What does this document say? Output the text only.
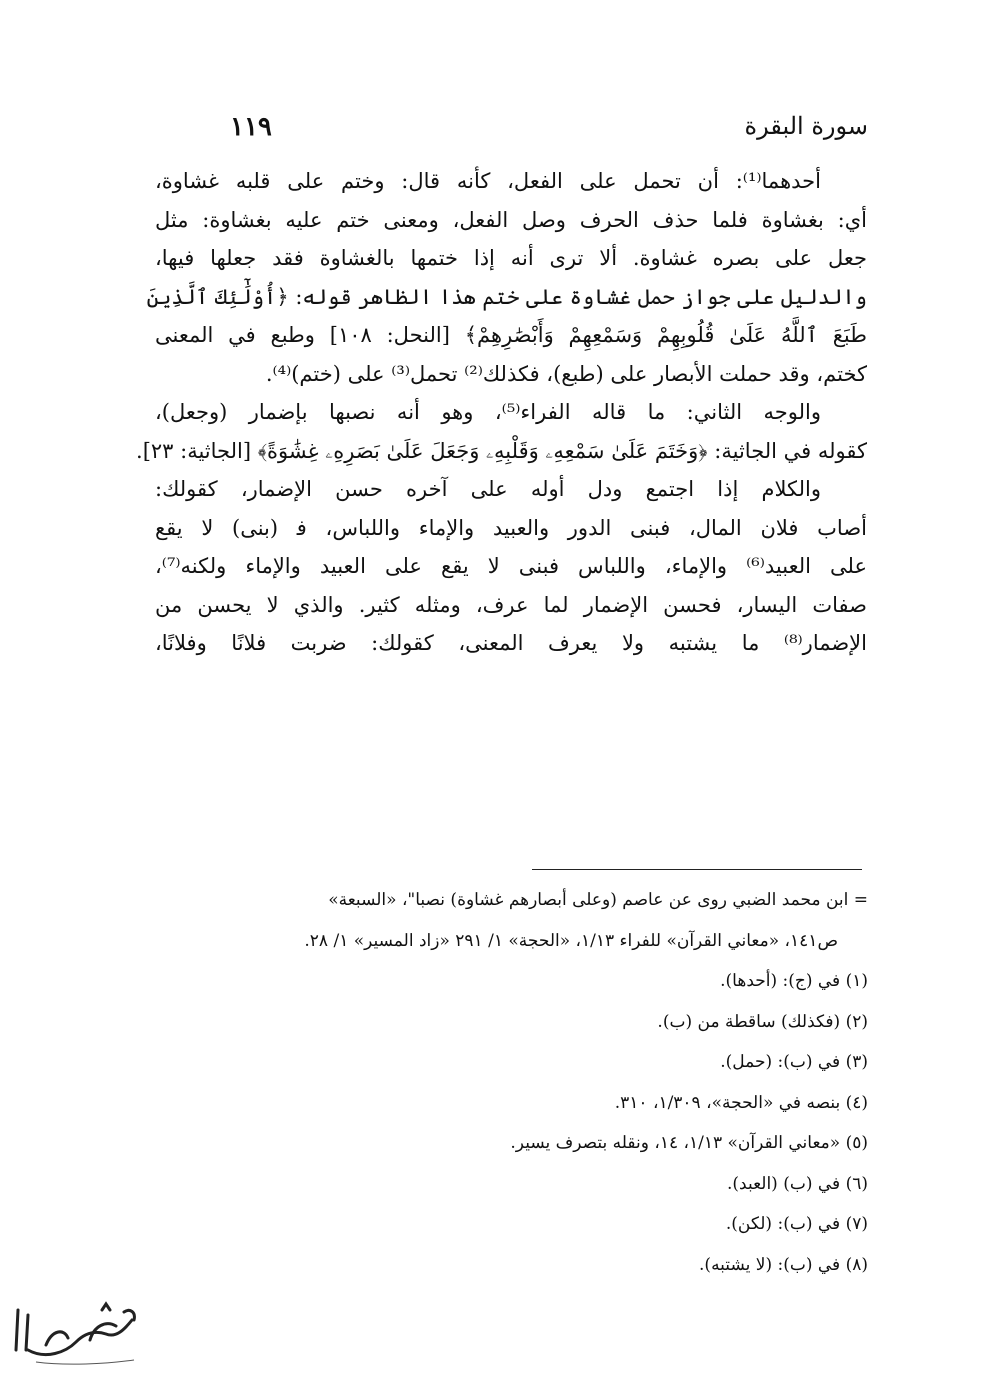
سورة البقرة
١١٩
أحدهما⁽¹⁾: أن تحمل على الفعل، كأنه قال: وختم على قلبه غشاوة،
أي: بغشاوة فلما حذف الحرف وصل الفعل، ومعنى ختم عليه بغشاوة: مثل
جعل على بصره غشاوة. ألا ترى أنه إذا ختمها بالغشاوة فقد جعلها فيها،
والدليل على جواز حمل غشاوة على ختم هذا الظاهر قوله: ﴿أُوْلَٰٓئِكَ ٱلَّذِينَ
طَبَعَ ٱللَّهُ عَلَىٰ قُلُوبِهِمْ وَسَمْعِهِمْ وَأَبْصَٰرِهِمْ﴾ [النحل: ١٠٨] وطبع في المعنى
كختم، وقد حملت الأبصار على (طبع)، فكذلك⁽²⁾ تحمل⁽³⁾ على (ختم)⁽⁴⁾.
والوجه الثاني: ما قاله الفراء⁽⁵⁾، وهو أنه نصبها بإضمار (وجعل)،
كقوله في الجاثية: ﴿وَخَتَمَ عَلَىٰ سَمْعِهِۦ وَقَلْبِهِۦ وَجَعَلَ عَلَىٰ بَصَرِهِۦ غِشَٰوَةً﴾ [الجاثية: ٢٣].
والكلام إذا اجتمع ودل أوله على آخره حسن الإضمار، كقولك:
أصاب فلان المال، فبنى الدور والعبيد والإماء واللباس، ف‍ (بنى) لا يقع
على العبيد⁽⁶⁾ والإماء، واللباس فبنى لا يقع على العبيد والإماء ولكنه⁽⁷⁾،
صفات اليسار، فحسن الإضمار لما عرف، ومثله كثير. والذي لا يحسن من
الإضمار⁽⁸⁾ ما يشتبه ولا يعرف المعنى، كقولك: ضربت فلانًا وفلانًا،
= ابن محمد الضبي روى عن عاصم (وعلى أبصارهم غشاوة) نصبا"، «السبعة»
ص١٤١، «معاني القرآن» للفراء ١/١٣، «الحجة» ١/ ٢٩١ «زاد المسير» ١/ ٢٨.
(١) في (ج): (أحدها).
(٢) (فكذلك) ساقطة من (ب).
(٣) في (ب): (حمل).
(٤) بنصه في «الحجة»، ١/٣٠٩، ٣١٠.
(٥) «معاني القرآن» ١/١٣، ١٤، ونقله بتصرف يسير.
(٦) في (ب) (العبد).
(٧) في (ب): (لكن).
(٨) في (ب): (لا يشتبه).
